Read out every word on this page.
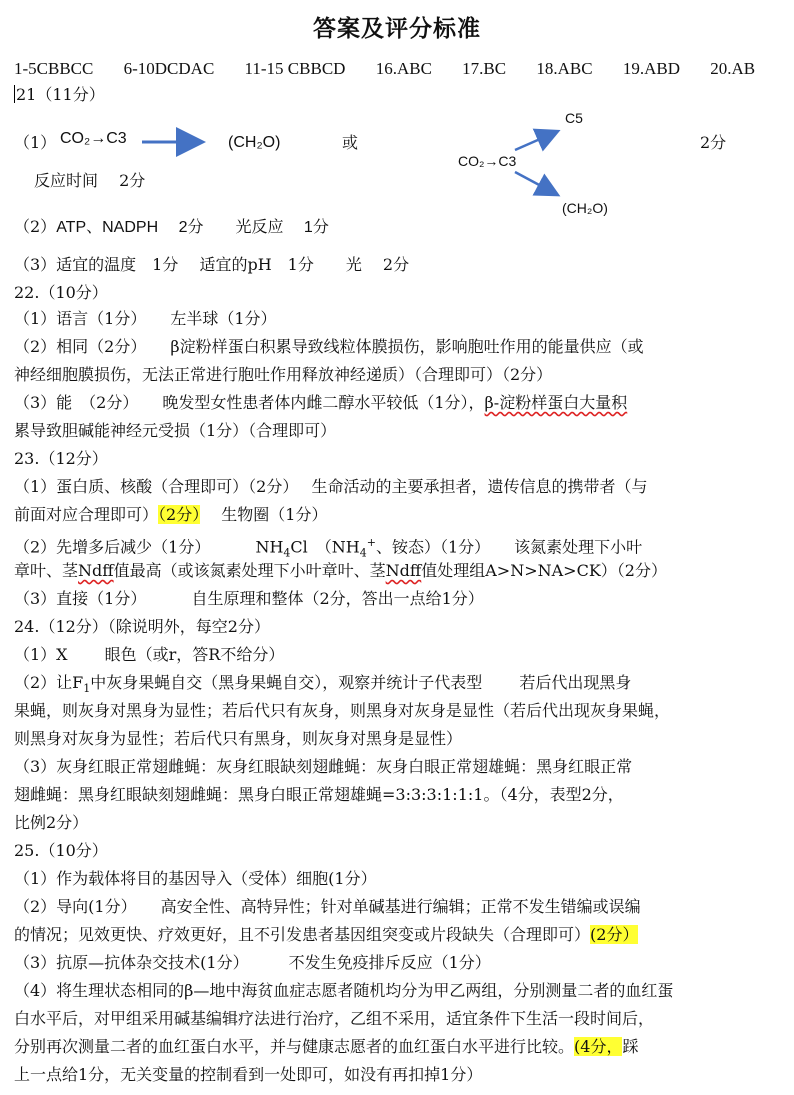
答案及评分标准
1-5CBBCC 6-10DCDAC 11-15 CBBCD 16.ABC 17.BC 18.ABC 19.ABD 20.AB
21（11分）
（1） CO₂→C3	(CH₂O)	或
C5
CO₂→C3
(CH₂O)
2分
反应时间　 2分
（2）ATP、NADPH　 2分　　光反应　 1分
（3）适宜的温度　1分　 适宜的pH　1分　　光　 2分
22.（10分）
（1）语言（1分）　　左半球（1分）
（2）相同（2分）　　β淀粉样蛋白积累导致线粒体膜损伤，影响胞吐作用的能量供应（或
神经细胞膜损伤，无法正常进行胞吐作用释放神经递质）（合理即可）（2分）
（3）能　（2分）　　晚发型女性患者体内雌二醇水平较低（1分），β-淀粉样蛋白大量积
累导致胆碱能神经元受损（1分）（合理即可）
23.（12分）
（1）蛋白质、核酸（合理即可）（2分）　 生命活动的主要承担者，遗传信息的携带者（与
前面对应合理即可）（2分）　 生物圈（1分）
（2）先增多后减少（1分）　　　 $NH_4Cl$　（$NH_4^+$、铵态）（1分）　　该氮素处理下小叶
章叶、茎Ndff值最高（或该氮素处理下小叶章叶、茎Ndff值处理组A>N>NA>CK）（2分）
（3）直接（1分）　　　 自生原理和整体（2分，答出一点给1分）
24.（12分）（除说明外，每空2分）
（1）X　　 眼色（或r，答R不给分）
（2）让$F_1$中灰身果蝇自交（黑身果蝇自交），观察并统计子代表型　　 若后代出现黑身
果蝇，则灰身对黑身为显性；若后代只有灰身，则黑身对灰身是显性（若后代出现灰身果蝇，
则黑身对灰身为显性；若后代只有黑身，则灰身对黑身是显性）
（3）灰身红眼正常翅雌蝇：灰身红眼缺刻翅雌蝇：灰身白眼正常翅雄蝇：黑身红眼正常
翅雌蝇：黑身红眼缺刻翅雌蝇：黑身白眼正常翅雄蝇=3:3:3:1:1:1。（4分，表型2分，
比例2分）
25.（10分）
（1）作为载体将目的基因导入（受体）细胞(1分）
（2）导向(1分）　　高安全性、高特异性；针对单碱基进行编辑；正常不发生错编或误编
的情况；见效更快、疗效更好，且不引发患者基因组突变或片段缺失（合理即可）(2分）
（3）抗原—抗体杂交技术(1分）　　　不发生免疫排斥反应（1分）
（4）将生理状态相同的β—地中海贫血症志愿者随机均分为甲乙两组，分别测量二者的血红蛋
白水平后，对甲组采用碱基编辑疗法进行治疗，乙组不采用，适宜条件下生活一段时间后，
分别再次测量二者的血红蛋白水平，并与健康志愿者的血红蛋白水平进行比较。(4分，踩
上一点给1分，无关变量的控制看到一处即可，如没有再扣掉1分）
